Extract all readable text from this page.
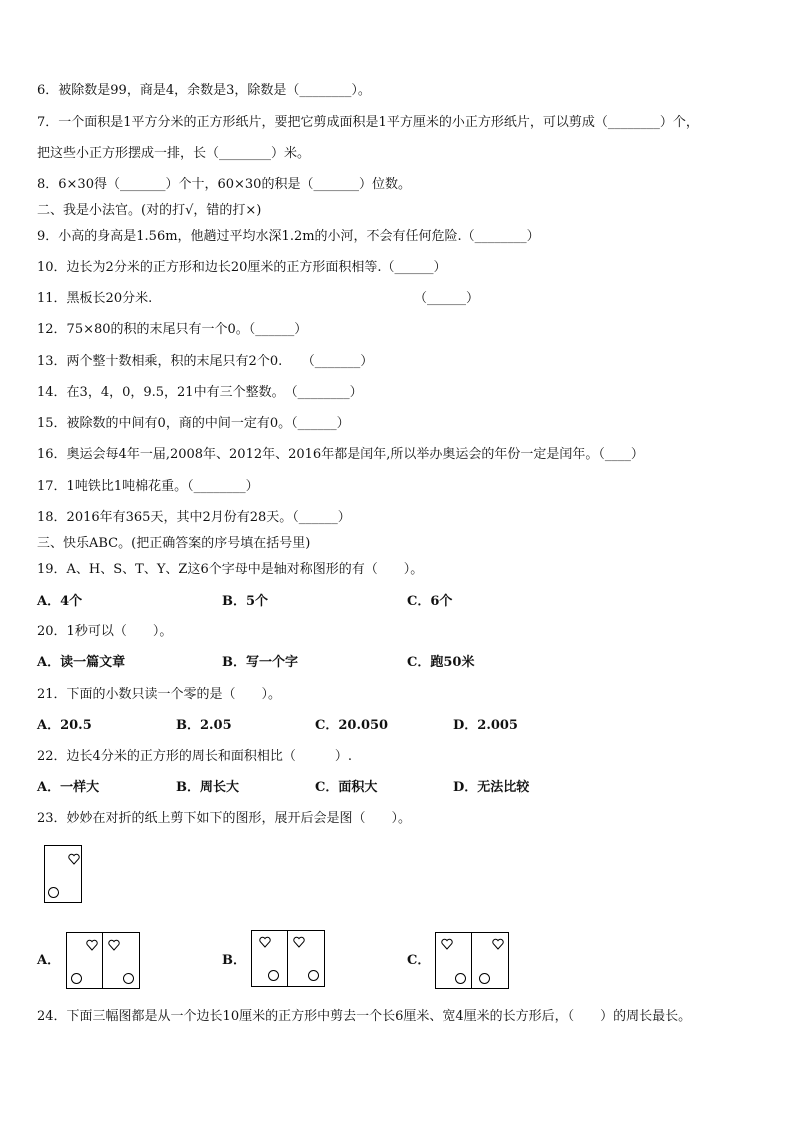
6．被除数是99，商是4，余数是3，除数是（________）。
7．一个面积是1平方分米的正方形纸片，要把它剪成面积是1平方厘米的小正方形纸片，可以剪成（________）个，
把这些小正方形摆成一排，长（________）米。
8．6×30得（_______）个十，60×30的积是（_______）位数。
二、我是小法官。(对的打√，错的打×)
9．小高的身高是1.56m，他趟过平均水深1.2m的小河，不会有任何危险.（________）
10．边长为2分米的正方形和边长20厘米的正方形面积相等.（______）
11．黑板长20分米.	（______）
12．75×80的积的末尾只有一个0。（______）
13．两个整十数相乘，积的末尾只有2个0.　　（_______）
14．在3，4，0，9.5，21中有三个整数。　（________）
15．被除数的中间有0，商的中间一定有0。（______）
16．奥运会每4年一届,2008年、2012年、2016年都是闰年,所以举办奥运会的年份一定是闰年。（____）
17．1吨铁比1吨棉花重。（________）
18．2016年有365天，其中2月份有28天。（______）
三、快乐ABC。(把正确答案的序号填在括号里)
19．A、H、S、T、Y、Z这6个字母中是轴对称图形的有（　　）。
A．4个	B．5个	C．6个
20．1秒可以（　　）。
A．读一篇文章	B．写一个字	C．跑50米
21．下面的小数只读一个零的是（　　）。
A．20.5	B．2.05	C．20.050	D．2.005
22．边长4分米的正方形的周长和面积相比（　　　）.
A．一样大	B．周长大	C．面积大	D．无法比较
23．妙妙在对折的纸上剪下如下的图形，展开后会是图（　　）。
A．	B．	C．
24．下面三幅图都是从一个边长10厘米的正方形中剪去一个长6厘米、宽4厘米的长方形后，（　　）的周长最长。
